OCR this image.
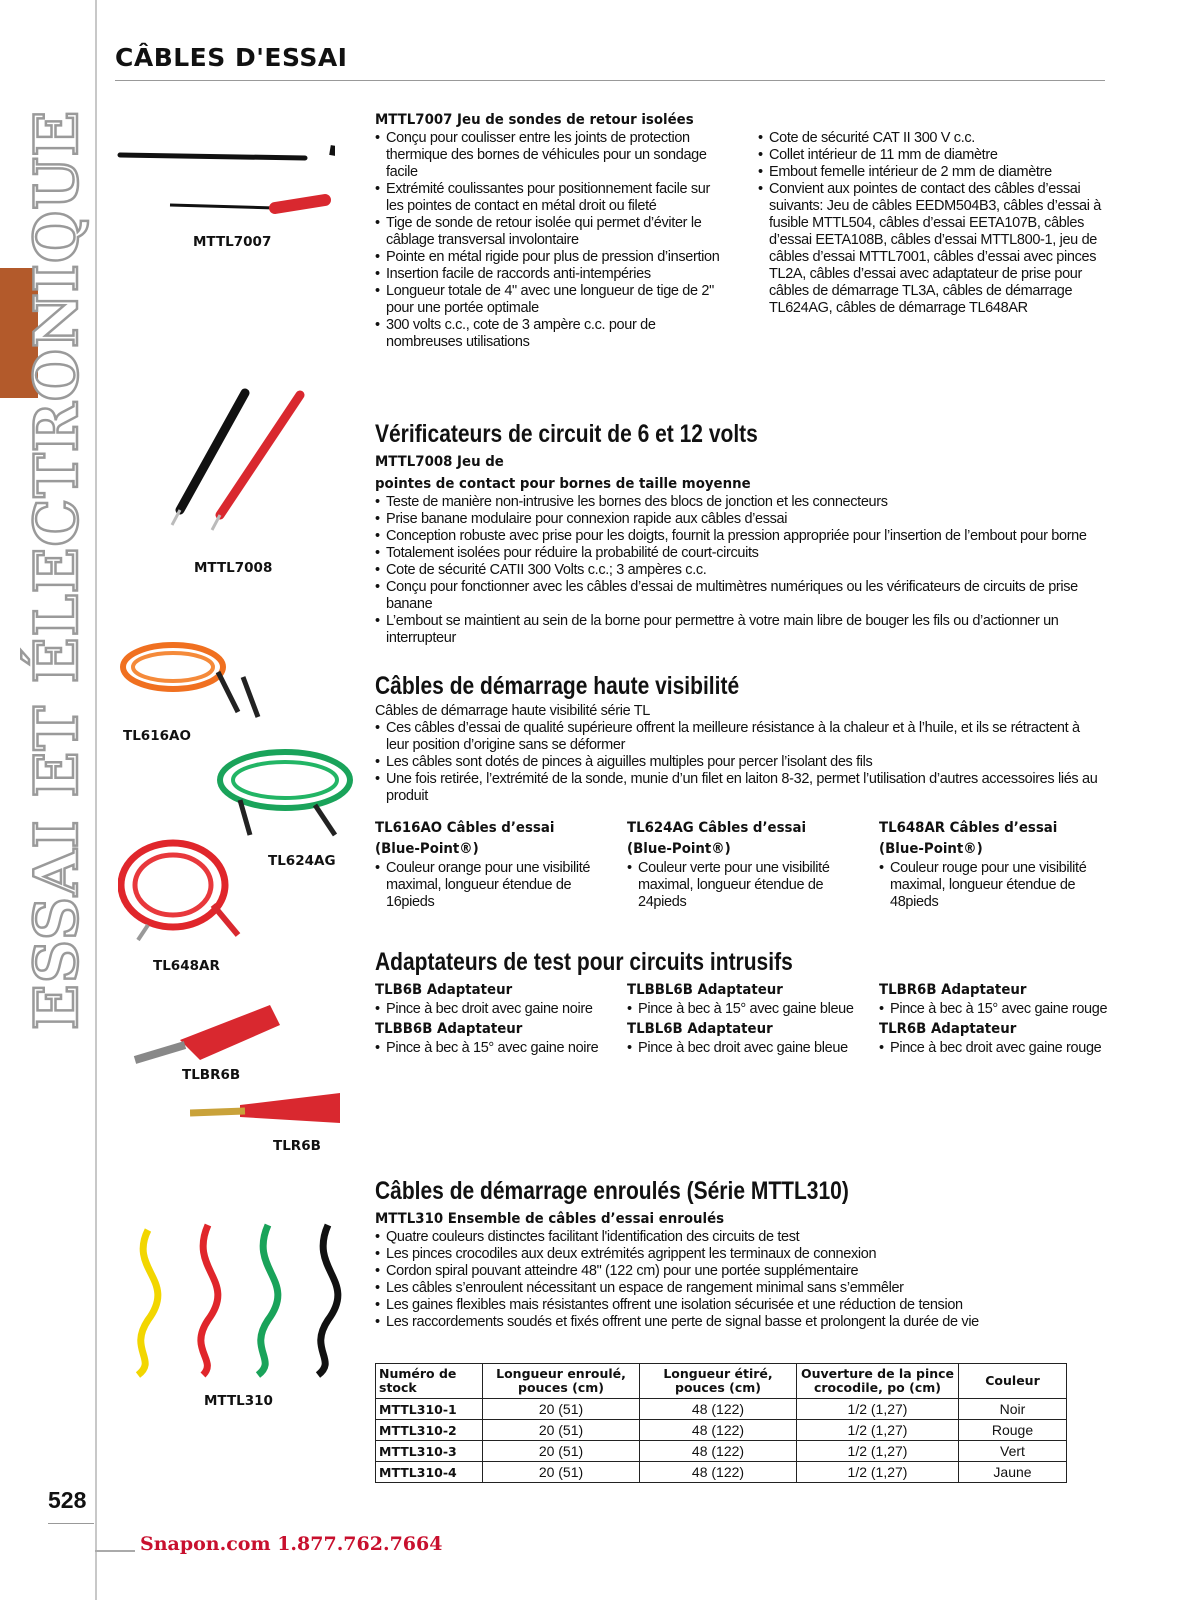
ESSAI ET ÉLECTRONIQUE
528
Snapon.com 1.877.762.7664
CÂBLES D'ESSAI
MTTL7007
MTTL7008
TL616AO
TL624AG
TL648AR
TLBR6B
TLR6B
MTTL310
MTTL7007 Jeu de sondes de retour isolées
• Conçu pour coulisser entre les joints de protection thermique des bornes de véhicules pour un sondage facile
• Extrémité coulissantes pour positionnement facile sur les pointes de contact en métal droit ou fileté
• Tige de sonde de retour isolée qui permet d’éviter le câblage transversal involontaire
• Pointe en métal rigide pour plus de pression d’insertion
• Insertion facile de raccords anti-intempéries
• Longueur totale de 4" avec une longueur de tige de 2" pour une portée optimale
• 300 volts c.c., cote de 3 ampère c.c. pour de nombreuses utilisations
• Cote de sécurité CAT II 300 V c.c.
• Collet intérieur de 11 mm de diamètre
• Embout femelle intérieur de 2 mm de diamètre
• Convient aux pointes de contact des câbles d’essai suivants: Jeu de câbles EEDM504B3, câbles d’essai à fusible MTTL504, câbles d’essai EETA107B, câbles d’essai EETA108B, câbles d’essai MTTL800-1, jeu de câbles d’essai MTTL7001, câbles d’essai avec pinces TL2A, câbles d’essai avec adaptateur de prise pour câbles de démarrage TL3A, câbles de démarrage TL624AG, câbles de démarrage TL648AR
Vérificateurs de circuit de 6 et 12 volts
MTTL7008 Jeu de
pointes de contact pour bornes de taille moyenne
• Teste de manière non-intrusive les bornes des blocs de jonction et les connecteurs
• Prise banane modulaire pour connexion rapide aux câbles d’essai
• Conception robuste avec prise pour les doigts, fournit la pression appropriée pour l’insertion de l’embout pour borne
• Totalement isolées pour réduire la probabilité de court-circuits
• Cote de sécurité CATII 300 Volts c.c.; 3 ampères c.c.
• Conçu pour fonctionner avec les câbles d’essai de multimètres numériques ou les vérificateurs de circuits de prise banane
• L’embout se maintient au sein de la borne pour permettre à votre main libre de bouger les fils ou d’actionner un interrupteur
Câbles de démarrage haute visibilité
Câbles de démarrage haute visibilité série TL
• Ces câbles d’essai de qualité supérieure offrent la meilleure résistance à la chaleur et à l’huile, et ils se rétractent à leur position d’origine sans se déformer
• Les câbles sont dotés de pinces à aiguilles multiples pour percer l’isolant des fils
• Une fois retirée, l’extrémité de la sonde, munie d’un filet en laiton 8-32, permet l’utilisation d’autres accessoires liés au produit
TL616AO Câbles d’essai
(Blue-Point®)
• Couleur orange pour une visibilité maximal, longueur étendue de 16pieds
TL624AG Câbles d’essai
(Blue-Point®)
• Couleur verte pour une visibilité maximal, longueur étendue de 24pieds
TL648AR Câbles d’essai
(Blue-Point®)
• Couleur rouge pour une visibilité maximal, longueur étendue de 48pieds
Adaptateurs de test pour circuits intrusifs
TLB6B Adaptateur
• Pince à bec droit avec gaine noire
TLBBL6B Adaptateur
• Pince à bec à 15° avec gaine bleue
TLBR6B Adaptateur
• Pince à bec à 15° avec gaine rouge
TLBB6B Adaptateur
• Pince à bec à 15° avec gaine noire
TLBL6B Adaptateur
• Pince à bec droit avec gaine bleue
TLR6B Adaptateur
• Pince à bec droit avec gaine rouge
Câbles de démarrage enroulés (Série MTTL310)
MTTL310 Ensemble de câbles d’essai enroulés
• Quatre couleurs distinctes facilitant l'identification des circuits de test
• Les pinces crocodiles aux deux extrémités agrippent les terminaux de connexion
• Cordon spiral pouvant atteindre 48" (122 cm) pour une portée supplémentaire
• Les câbles s’enroulent nécessitant un espace de rangement minimal sans s’emmêler
• Les gaines flexibles mais résistantes offrent une isolation sécurisée et une réduction de tension
• Les raccordements soudés et fixés offrent une perte de signal basse et prolongent la durée de vie
Numéro de stock	Longueur enroulé, pouces (cm)	Longueur étiré, pouces (cm)	Ouverture de la pince crocodile, po (cm)	Couleur
MTTL310-1	20 (51)	48 (122)	1/2 (1,27)	Noir
MTTL310-2	20 (51)	48 (122)	1/2 (1,27)	Rouge
MTTL310-3	20 (51)	48 (122)	1/2 (1,27)	Vert
MTTL310-4	20 (51)	48 (122)	1/2 (1,27)	Jaune
